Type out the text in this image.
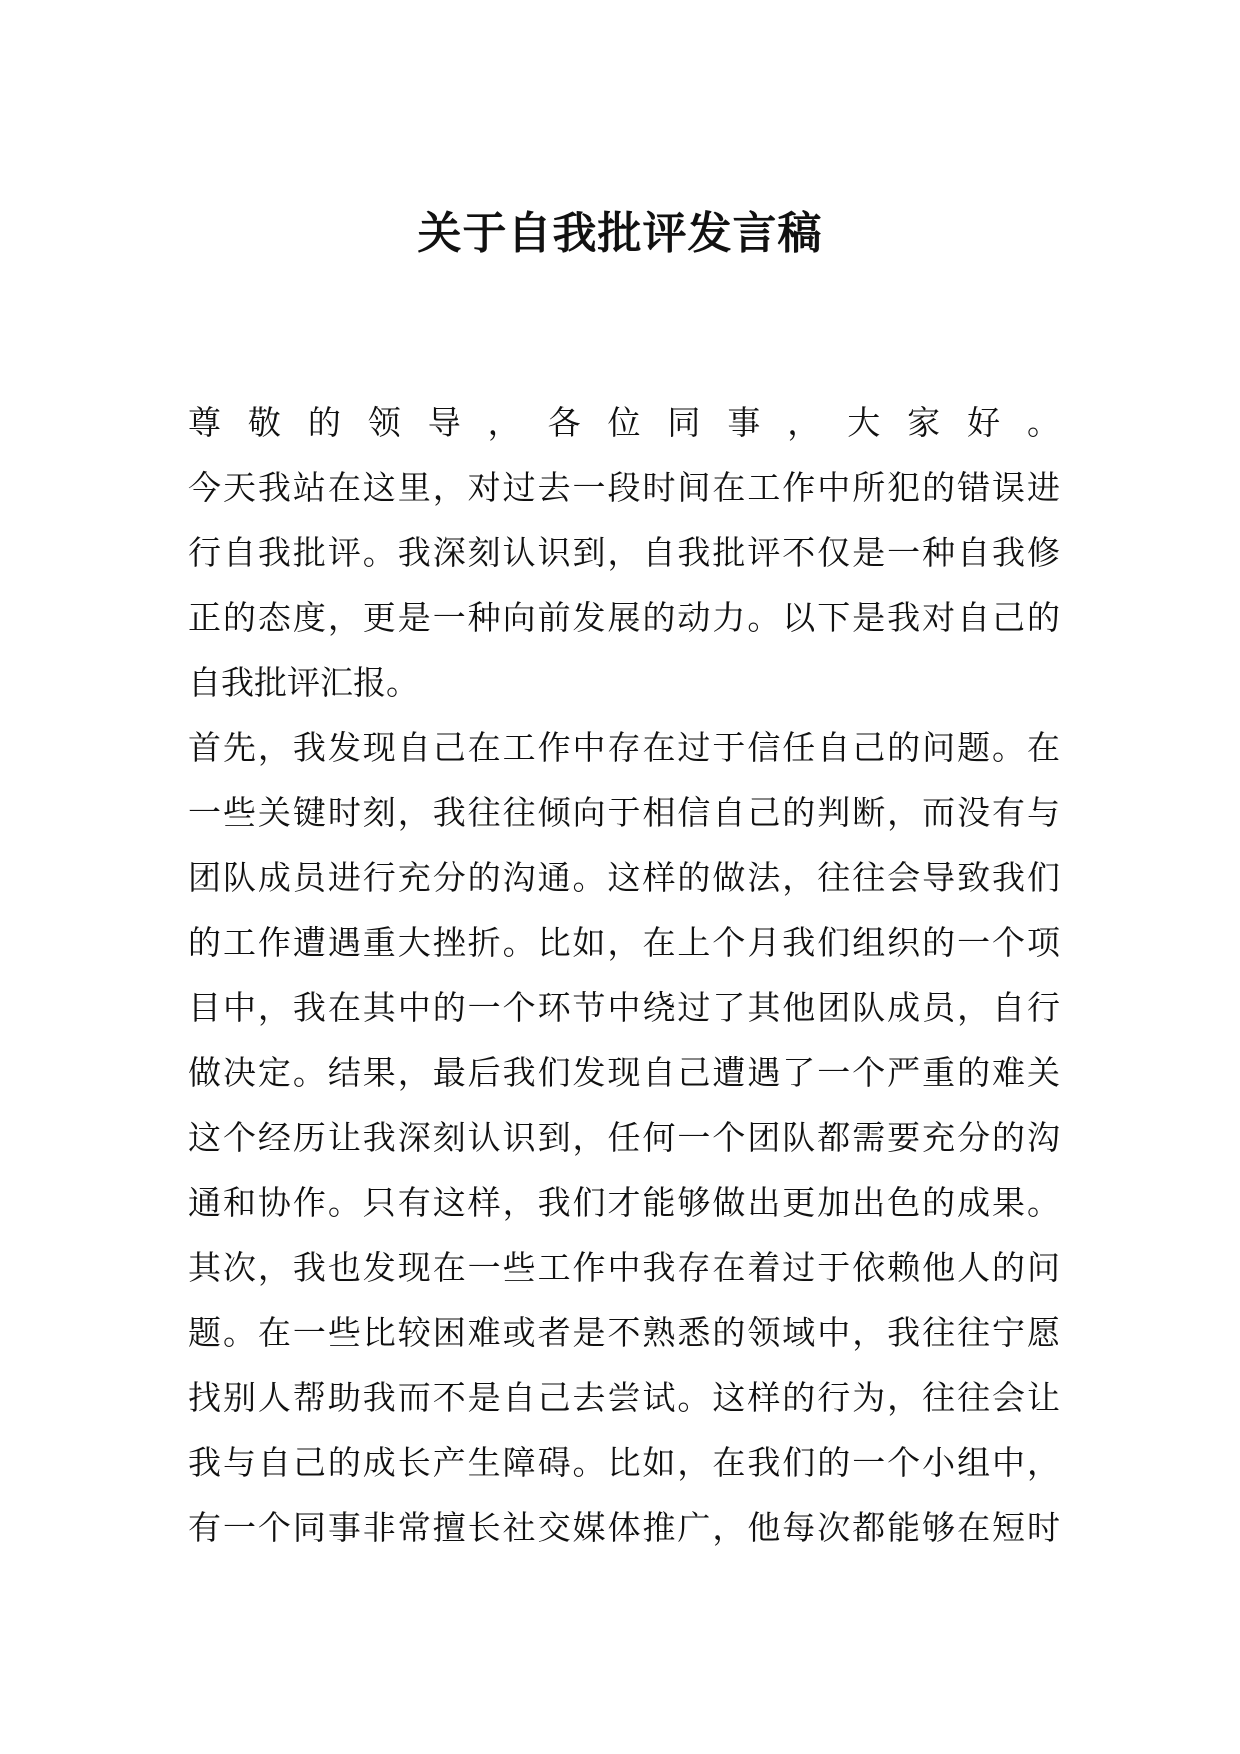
关于自我批评发言稿
尊敬的领导，各位同事，大家好。
今天我站在这里，对过去一段时间在工作中所犯的错误进
行自我批评。我深刻认识到，自我批评不仅是一种自我修
正的态度，更是一种向前发展的动力。以下是我对自己的
自我批评汇报。
首先，我发现自己在工作中存在过于信任自己的问题。在
一些关键时刻，我往往倾向于相信自己的判断，而没有与
团队成员进行充分的沟通。这样的做法，往往会导致我们
的工作遭遇重大挫折。比如，在上个月我们组织的一个项
目中，我在其中的一个环节中绕过了其他团队成员，自行
做决定。结果，最后我们发现自己遭遇了一个严重的难关
这个经历让我深刻认识到，任何一个团队都需要充分的沟
通和协作。只有这样，我们才能够做出更加出色的成果。
其次，我也发现在一些工作中我存在着过于依赖他人的问
题。在一些比较困难或者是不熟悉的领域中，我往往宁愿
找别人帮助我而不是自己去尝试。这样的行为，往往会让
我与自己的成长产生障碍。比如，在我们的一个小组中，
有一个同事非常擅长社交媒体推广，他每次都能够在短时
